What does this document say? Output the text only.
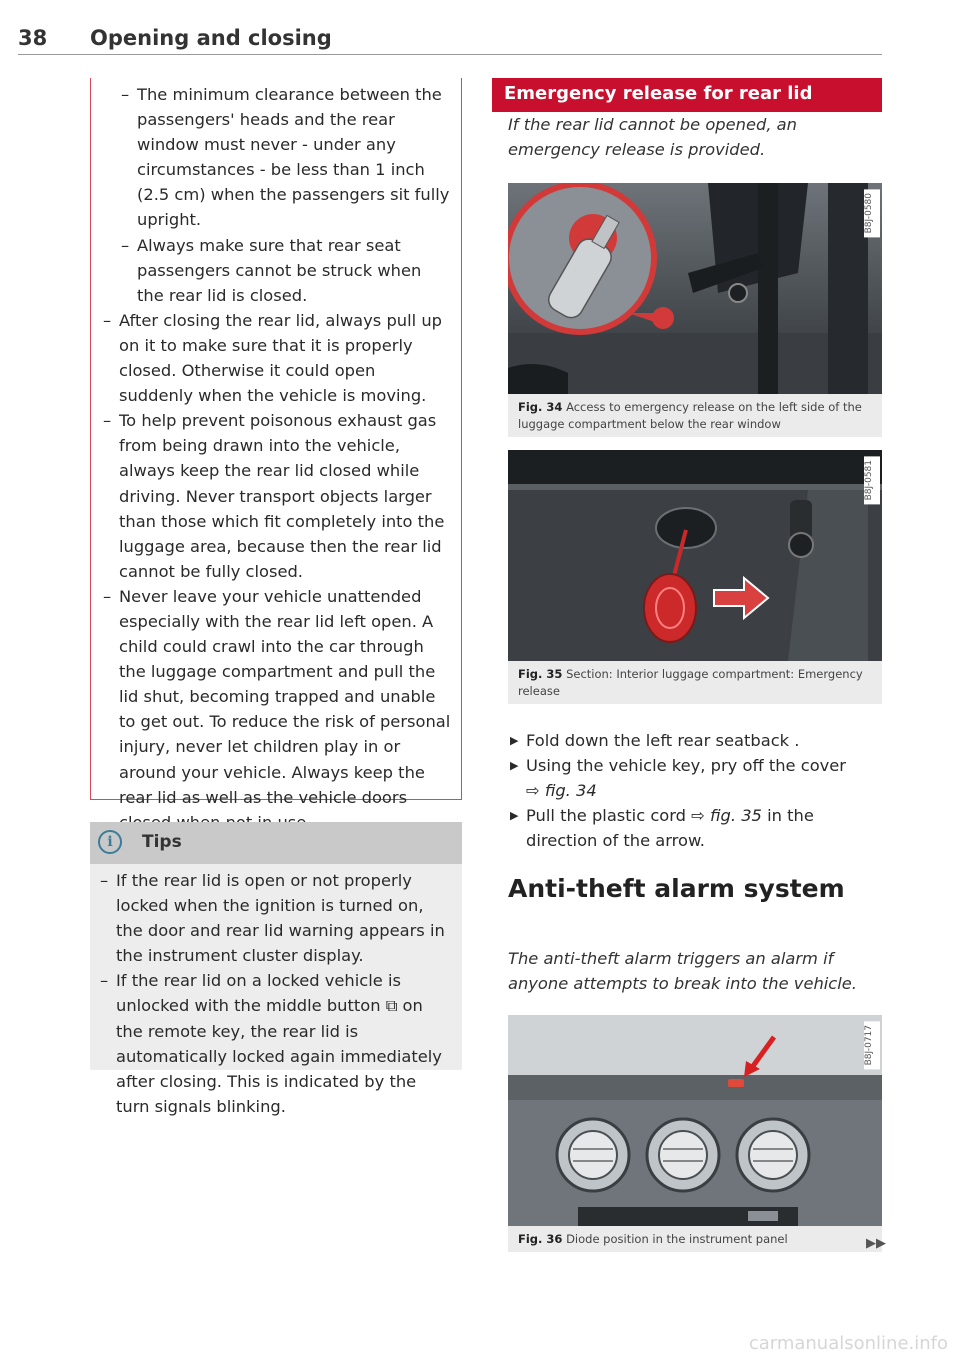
38 Opening and closing
– The minimum clearance between the passengers' heads and the rear window must never - under any circumstances - be less than 1 inch (2.5 cm) when the passengers sit fully upright.
– Always make sure that rear seat passengers cannot be struck when the rear lid is closed.
– After closing the rear lid, always pull up on it to make sure that it is properly closed. Otherwise it could open suddenly when the vehicle is moving.
– To help prevent poisonous exhaust gas from being drawn into the vehicle, always keep the rear lid closed while driving. Never transport objects larger than those which fit completely into the luggage area, because then the rear lid cannot be fully closed.
– Never leave your vehicle unattended especially with the rear lid left open. A child could crawl into the car through the luggage compartment and pull the lid shut, becoming trapped and unable to get out. To reduce the risk of personal injury, never let children play in or around your vehicle. Always keep the rear lid as well as the vehicle doors
i	Tips
– If the rear lid is open or not properly locked when the ignition is turned on, the door and rear lid warning appears in the instrument cluster display.
– If the rear lid on a locked vehicle is unlocked with the middle button ⧉ on the remote key, the rear lid is automatically locked again immediately after closing. This is indicated by the turn signals blinking.
Emergency release for rear lid
If the rear lid cannot be opened, an emergency release is provided.
B8J-0580
Fig. 34 Access to emergency release on the left side of the luggage compartment below the rear window
B8J-0581
Fig. 35 Section: Interior luggage compartment: Emergency release
▶ Fold down the left rear seatback .
▶ Using the vehicle key, pry off the cover
⇨ fig. 34
▶ Pull the plastic cord ⇨ fig. 35 in the direction of the arrow.
Anti-theft alarm system
The anti-theft alarm triggers an alarm if anyone attempts to break into the vehicle.
B8J-0717
Fig. 36 Diode position in the instrument panel	▶▶
carmanualsonline.info
